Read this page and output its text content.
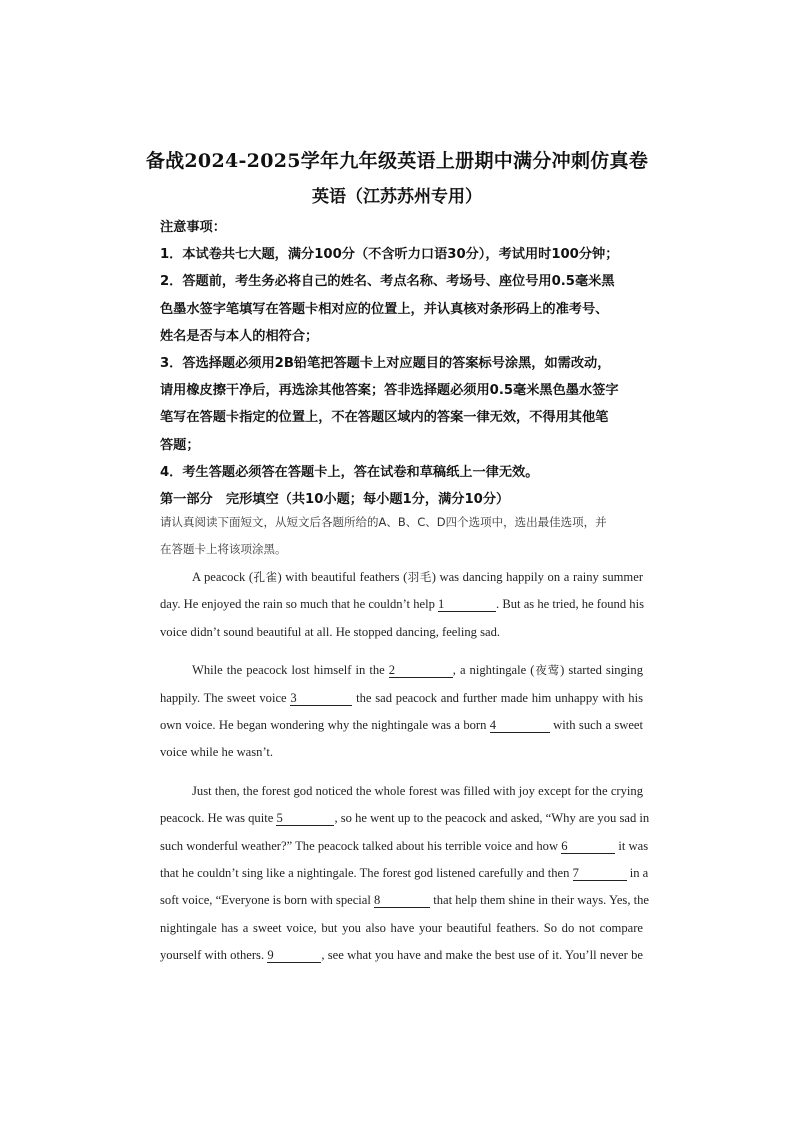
备战2024-2025学年九年级英语上册期中满分冲刺仿真卷
英语（江苏苏州专用）
注意事项：
1．本试卷共七大题，满分100分（不含听力口语30分），考试用时100分钟；
2．答题前，考生务必将自己的姓名、考点名称、考场号、座位号用0.5毫米黑
色墨水签字笔填写在答题卡相对应的位置上，并认真核对条形码上的准考号、
姓名是否与本人的相符合；
3．答选择题必须用2B铅笔把答题卡上对应题目的答案标号涂黑，如需改动，
请用橡皮擦干净后，再选涂其他答案；答非选择题必须用0.5毫米黑色墨水签字
笔写在答题卡指定的位置上，不在答题区域内的答案一律无效，不得用其他笔
答题；
4．考生答题必须答在答题卡上，答在试卷和草稿纸上一律无效。
第一部分　完形填空（共10小题；每小题1分，满分10分）
请认真阅读下面短文，从短文后各题所给的A、B、C、D四个选项中，选出最佳选项，并
在答题卡上将该项涂黑。
A peacock (孔雀) with beautiful feathers (羽毛) was dancing happily on a rainy summer
day. He enjoyed the rain so much that he couldn’t help 1	. But as he tried, he found his
voice didn’t sound beautiful at all. He stopped dancing, feeling sad.
While the peacock lost himself in the 2	, a nightingale (夜莺) started singing
happily. The sweet voice 3	the sad peacock and further made him unhappy with his
own voice. He began wondering why the nightingale was a born 4	with such a sweet
voice while he wasn’t.
Just then, the forest god noticed the whole forest was filled with joy except for the crying
peacock. He was quite 5	, so he went up to the peacock and asked, “Why are you sad in
such wonderful weather?” The peacock talked about his terrible voice and how 6	it was
that he couldn’t sing like a nightingale. The forest god listened carefully and then 7	in a
soft voice, “Everyone is born with special 8	that help them shine in their ways. Yes, the
nightingale has a sweet voice, but you also have your beautiful feathers. So do not compare
yourself with others. 9	, see what you have and make the best use of it. You’ll never be
